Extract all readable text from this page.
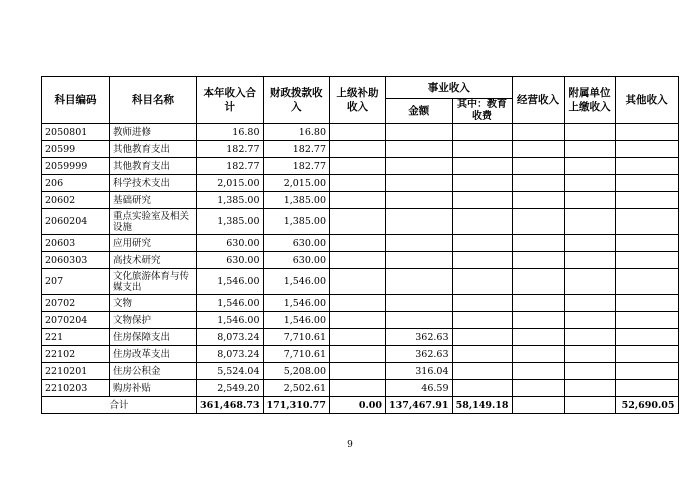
科目编码	科目名称	本年收入合计	财政拨款收入	上级补助收入	事业收入		经营收入	附属单位上缴收入	其他收入
					金额	其中：教育收费			
2050801	教师进修	16.80	16.80						
20599	其他教育支出	182.77	182.77						
2059999	其他教育支出	182.77	182.77						
206	科学技术支出	2,015.00	2,015.00						
20602	基础研究	1,385.00	1,385.00						
2060204	重点实验室及相关设施	1,385.00	1,385.00						
20603	应用研究	630.00	630.00						
2060303	高技术研究	630.00	630.00						
207	文化旅游体育与传媒支出	1,546.00	1,546.00						
20702	文物	1,546.00	1,546.00						
2070204	文物保护	1,546.00	1,546.00						
221	住房保障支出	8,073.24	7,710.61		362.63				
22102	住房改革支出	8,073.24	7,710.61		362.63				
2210201	住房公积金	5,524.04	5,208.00		316.04				
2210203	购房补贴	2,549.20	2,502.61		46.59				
合计		361,468.73	171,310.77	0.00	137,467.91	58,149.18			52,690.05
9
